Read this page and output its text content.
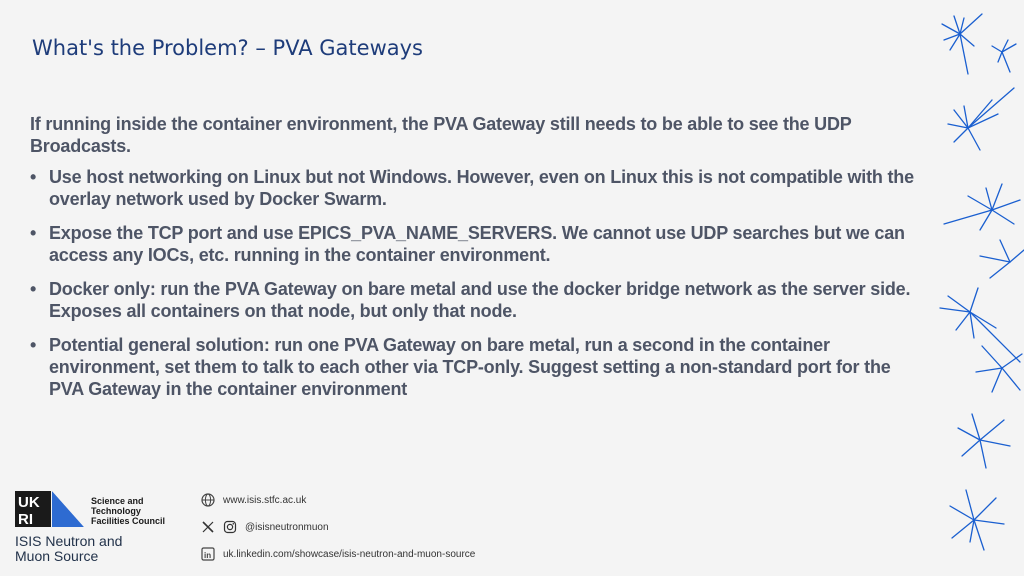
What's the Problem? – PVA Gateways

If running inside the container environment, the PVA Gateway still needs to be able to see the UDP Broadcasts.

• Use host networking on Linux but not Windows. However, even on Linux this is not compatible with the overlay network used by Docker Swarm.
• Expose the TCP port and use EPICS_PVA_NAME_SERVERS. We cannot use UDP searches but we can access any IOCs, etc. running in the container environment.
• Docker only: run the PVA Gateway on bare metal and use the docker bridge network as the server side. Exposes all containers on that node, but only that node.
• Potential general solution: run one PVA Gateway on bare metal, run a second in the container environment, set them to talk to each other via TCP-only. Suggest setting a non-standard port for the PVA Gateway in the container environment
UK
RI
Science and
Technology
Facilities Council
ISIS Neutron and
Muon Source
www.isis.stfc.ac.uk
@isisneutronmuon
in uk.linkedin.com/showcase/isis-neutron-and-muon-source
